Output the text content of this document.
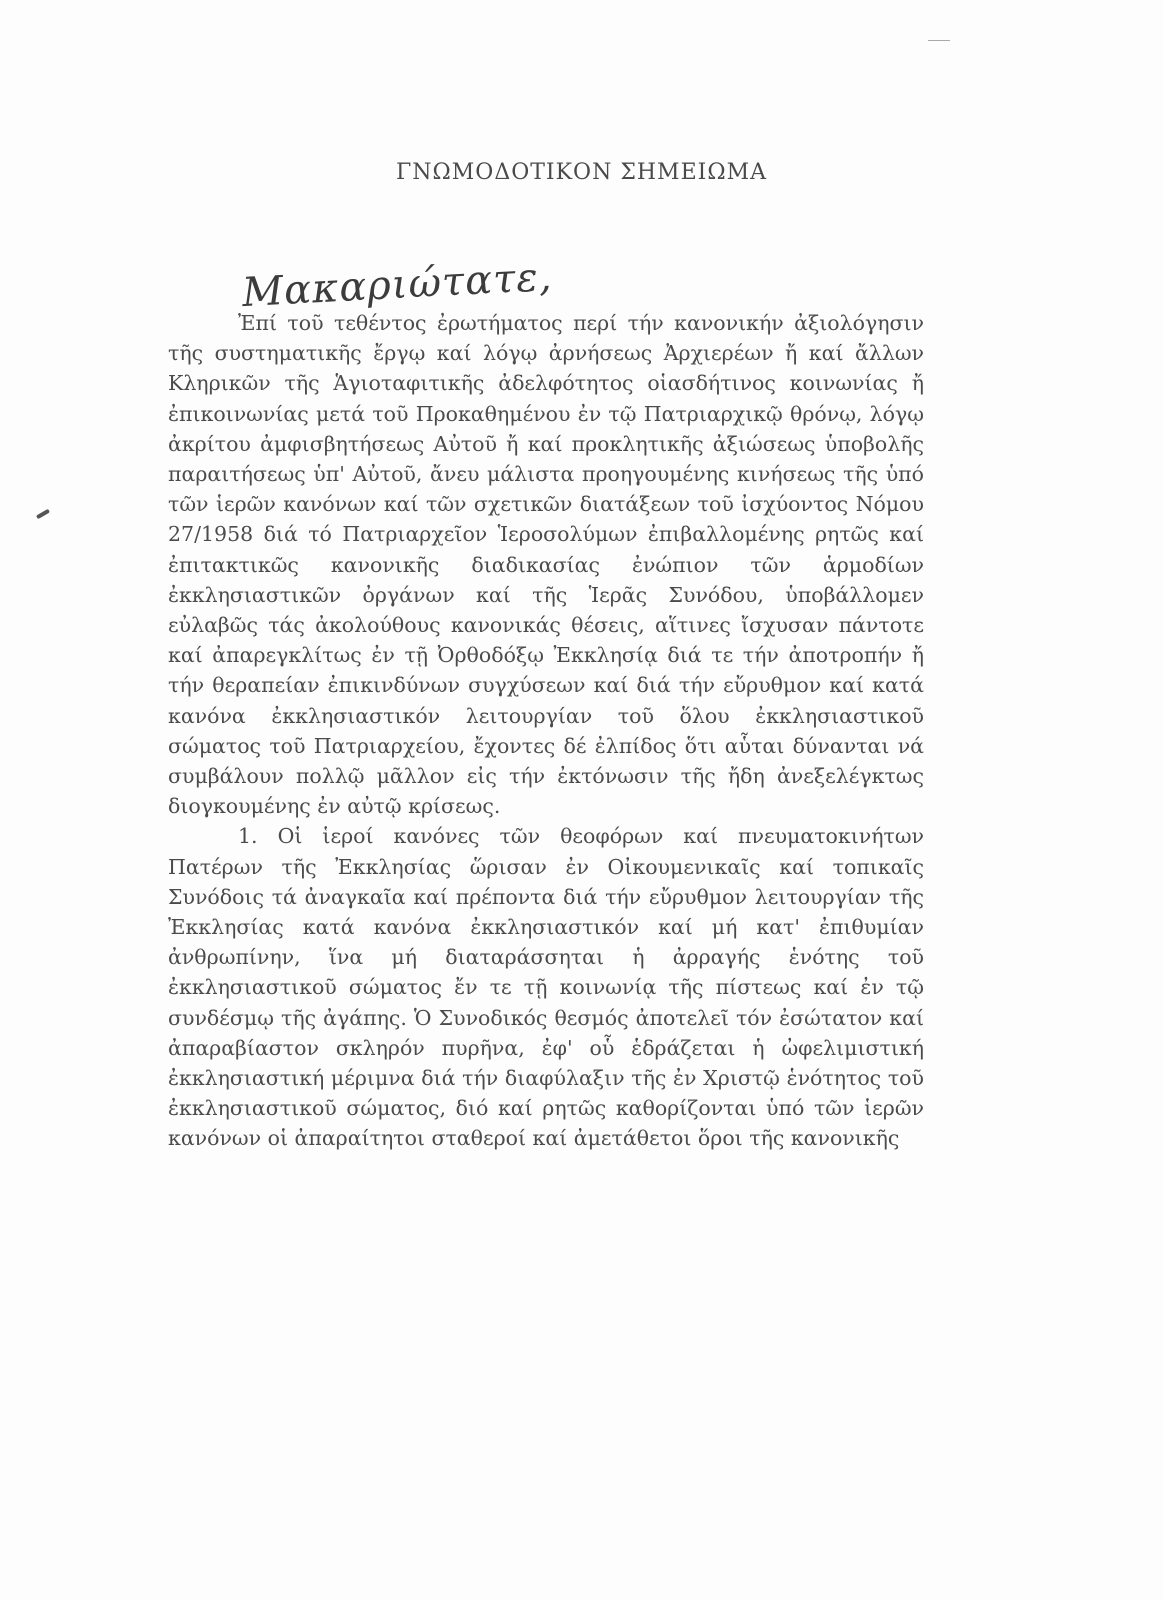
ΓΝΩΜΟΔΟΤΙΚΟΝ ΣΗΜΕΙΩΜΑ
Μακαριώτατε,

Ἐπί τοῦ τεθέντος ἐρωτήματος περί τήν κανονικήν ἀξιολόγησιν τῆς συστηματικῆς ἔργῳ καί λόγῳ ἀρνήσεως Ἀρχιερέων ἤ καί ἄλλων Κληρικῶν τῆς Ἁγιοταφιτικῆς ἀδελφότητος οἱασδήτινος κοινωνίας ἤ ἐπικοινωνίας μετά τοῦ Προκαθημένου ἐν τῷ Πατριαρχικῷ θρόνῳ, λόγῳ ἀκρίτου ἀμφισβητήσεως Αὐτοῦ ἤ καί προκλητικῆς ἀξιώσεως ὑποβολῆς παραιτήσεως ὑπ' Αὐτοῦ, ἄνευ μάλιστα προηγουμένης κινήσεως τῆς ὑπό τῶν ἱερῶν κανόνων καί τῶν σχετικῶν διατάξεων τοῦ ἰσχύοντος Νόμου 27/1958 διά τό Πατριαρχεῖον Ἱεροσολύμων ἐπιβαλλομένης ρητῶς καί ἐπιτακτικῶς κανονικῆς διαδικασίας ἐνώπιον τῶν ἁρμοδίων ἐκκλησιαστικῶν ὀργάνων καί τῆς Ἱερᾶς Συνόδου, ὑποβάλλομεν εὐλαβῶς τάς ἀκολούθους κανονικάς θέσεις, αἵτινες ἴσχυσαν πάντοτε καί ἀπαρεγκλίτως ἐν τῇ Ὀρθοδόξῳ Ἐκκλησίᾳ διά τε τήν ἀποτροπήν ἤ τήν θεραπείαν ἐπικινδύνων συγχύσεων καί διά τήν εὔρυθμον καί κατά κανόνα ἐκκλησιαστικόν λειτουργίαν τοῦ ὅλου ἐκκλησιαστικοῦ σώματος τοῦ Πατριαρχείου, ἔχοντες δέ ἐλπίδος ὅτι αὗται δύνανται νά συμβάλουν πολλῷ μᾶλλον εἰς τήν ἐκτόνωσιν τῆς ἤδη ἀνεξελέγκτως διογκουμένης ἐν αὐτῷ κρίσεως.

1. Οἱ ἱεροί κανόνες τῶν θεοφόρων καί πνευματοκινήτων Πατέρων τῆς Ἐκκλησίας ὥρισαν ἐν Οἰκουμενικαῖς καί τοπικαῖς Συνόδοις τά ἀναγκαῖα καί πρέποντα διά τήν εὔρυθμον λειτουργίαν τῆς Ἐκκλησίας κατά κανόνα ἐκκλησιαστικόν καί μή κατ' ἐπιθυμίαν ἀνθρωπίνην, ἵνα μή διαταράσσηται ἡ ἀρραγής ἑνότης τοῦ ἐκκλησιαστικοῦ σώματος ἔν τε τῇ κοινωνίᾳ τῆς πίστεως καί ἐν τῷ συνδέσμῳ τῆς ἀγάπης. Ὁ Συνοδικός θεσμός ἀποτελεῖ τόν ἐσώτατον καί ἀπαραβίαστον σκληρόν πυρῆνα, ἐφ' οὗ ἑδράζεται ἡ ὠφελιμιστική ἐκκλησιαστική μέριμνα διά τήν διαφύλαξιν τῆς ἐν Χριστῷ ἑνότητος τοῦ ἐκκλησιαστικοῦ σώματος, διό καί ρητῶς καθορίζονται ὑπό τῶν ἱερῶν κανόνων οἱ ἀπαραίτητοι σταθεροί καί ἀμετάθετοι ὅροι τῆς κανονικῆς
